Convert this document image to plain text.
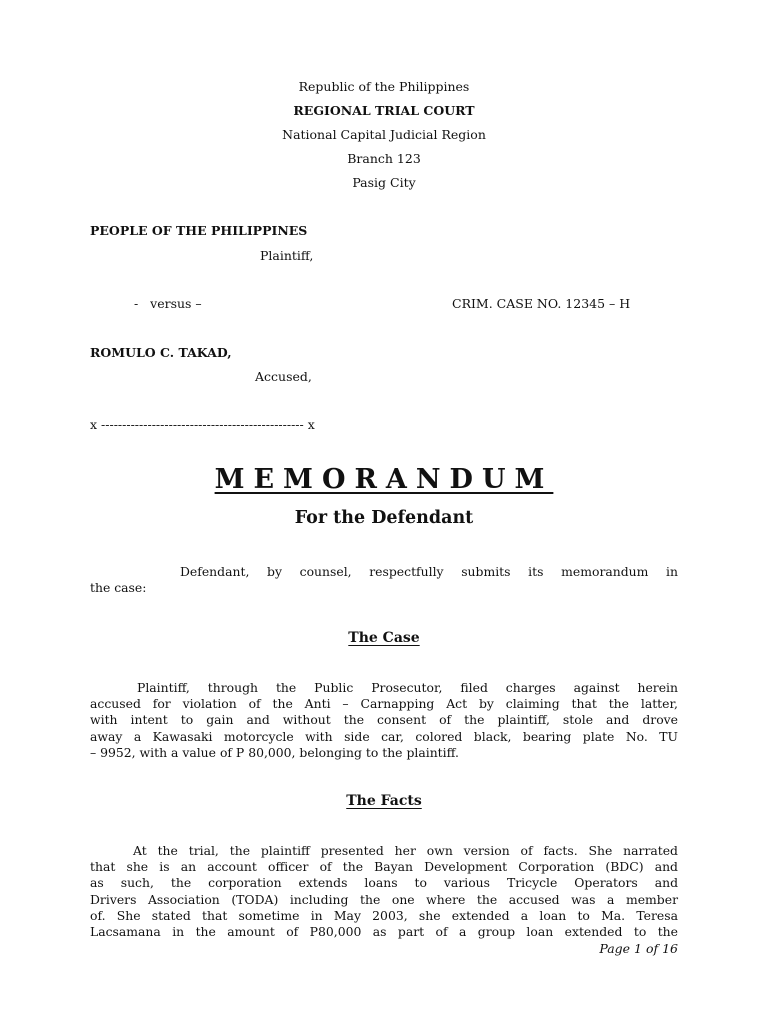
Republic of the Philippines
REGIONAL TRIAL COURT
National Capital Judicial Region
Branch 123
Pasig City
PEOPLE OF THE PHILIPPINES
Plaintiff,
-   versus –	CRIM. CASE NO. 12345 – H
ROMULO C. TAKAD,
Accused,
x ------------------------------------------------ x
MEMORANDUM
For the Defendant
Defendant, by counsel, respectfully submits its memorandum in
the case:
The Case
Plaintiff, through the Public Prosecutor, filed charges against herein
accused for violation of the Anti – Carnapping Act by claiming that the latter,
with intent to gain and without the consent of the plaintiff, stole and drove
away a Kawasaki motorcycle with side car, colored black, bearing plate No. TU
– 9952, with a value of P 80,000, belonging to the plaintiff.
The Facts
At the trial, the plaintiff presented her own version of facts. She narrated
that she is an account officer of the Bayan Development Corporation (BDC) and
as such, the corporation extends loans to various Tricycle Operators and
Drivers Association (TODA) including the one where the accused was a member
of. She stated that sometime in May 2003, she extended a loan to Ma. Teresa
Lacsamana in the amount of P80,000 as part of a group loan extended to the
Page 1 of 16
